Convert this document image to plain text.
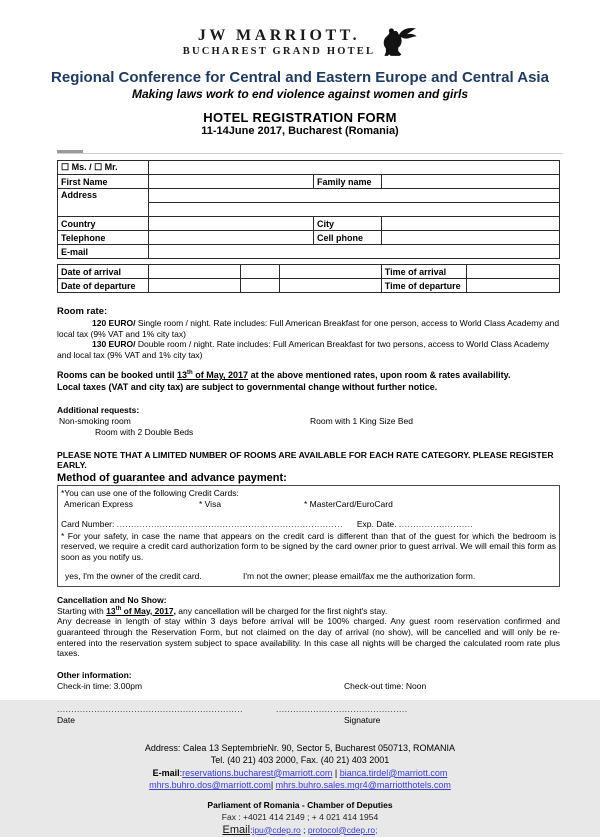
JW MARRIOTT.
BUCHAREST GRAND HOTEL
Regional Conference for Central and Eastern Europe and Central Asia
Making laws work to end violence against women and girls
HOTEL REGISTRATION FORM
11-14June 2017, Bucharest (Romania)
☐ Ms. / ☐ Mr.			
First Name		Family name	
Address			

Country		City	
Telephone		Cell phone	
E-mail			
Date of arrival				Time of arrival	
Date of departure				Time of departure	

Room rate:

120 EURO/ Single room / night. Rate includes: Full American Breakfast for one person, access to World Class Academy and local tax (9% VAT and 1% city tax)

130 EURO/ Double room / night. Rate includes: Full American Breakfast for two persons, access to World Class Academy and local tax (9% VAT and 1% city tax)

Rooms can be booked until 13th of May, 2017 at the above mentioned rates, upon room & rates availability.
Local taxes (VAT and city tax) are subject to governmental change without further notice.
Additional requests:
Non-smoking room	Room with 1 King Size Bed
Room with 2 Double Beds
PLEASE NOTE THAT A LIMITED NUMBER OF ROOMS ARE AVAILABLE FOR EACH RATE CATEGORY. PLEASE REGISTER EARLY.
Method of guarantee and advance payment:
*You can use one of the following Credit Cards:
American Express	* Visa	* MasterCard/EuroCard
Card Number: ............................................................................... Exp. Date. ..........................
* For your safety, in case the name that appears on the credit card is different than that of the guest for which the bedroom is reserved, we require a credit card authorization form to be signed by the card owner prior to guest arrival. We will email this form as soon as you notify us.
yes, I'm the owner of the credit card.	I'm not the owner; please email/fax me the authorization form.
Cancellation and No Show:
Starting with 13th of May, 2017, any cancellation will be charged for the first night's stay.
Any decrease in length of stay within 3 days before arrival will be 100% charged. Any guest room reservation confirmed and guaranteed through the Reservation Form, but not claimed on the day of arrival (no show), will be cancelled and will only be re-entered into the reservation system subject to space availability. In this case all nights will be charged the calculated room rate plus taxes.
Other information:
Check-in time: 3.00pm	Check-out time: Noon
.................................................................
Date
..............................................
Signature
Address: Calea 13 SeptembrieNr. 90, Sector 5, Bucharest 050713, ROMANIA
Tel. (40 21) 403 2000, Fax. (40 21) 403 2001
E-mail:reservations.bucharest@marriott.com | bianca.tirdel@marriott.com
mhrs.buhro.dos@marriott.com| mhrs.buhro.sales.mgr4@marriotthotels.com
Parliament of Romania - Chamber of Deputies
Fax : +4021 414 2149 ; + 4 021 414 1954
Email:ipu@cdep.ro ; protocol@cdep.ro;
